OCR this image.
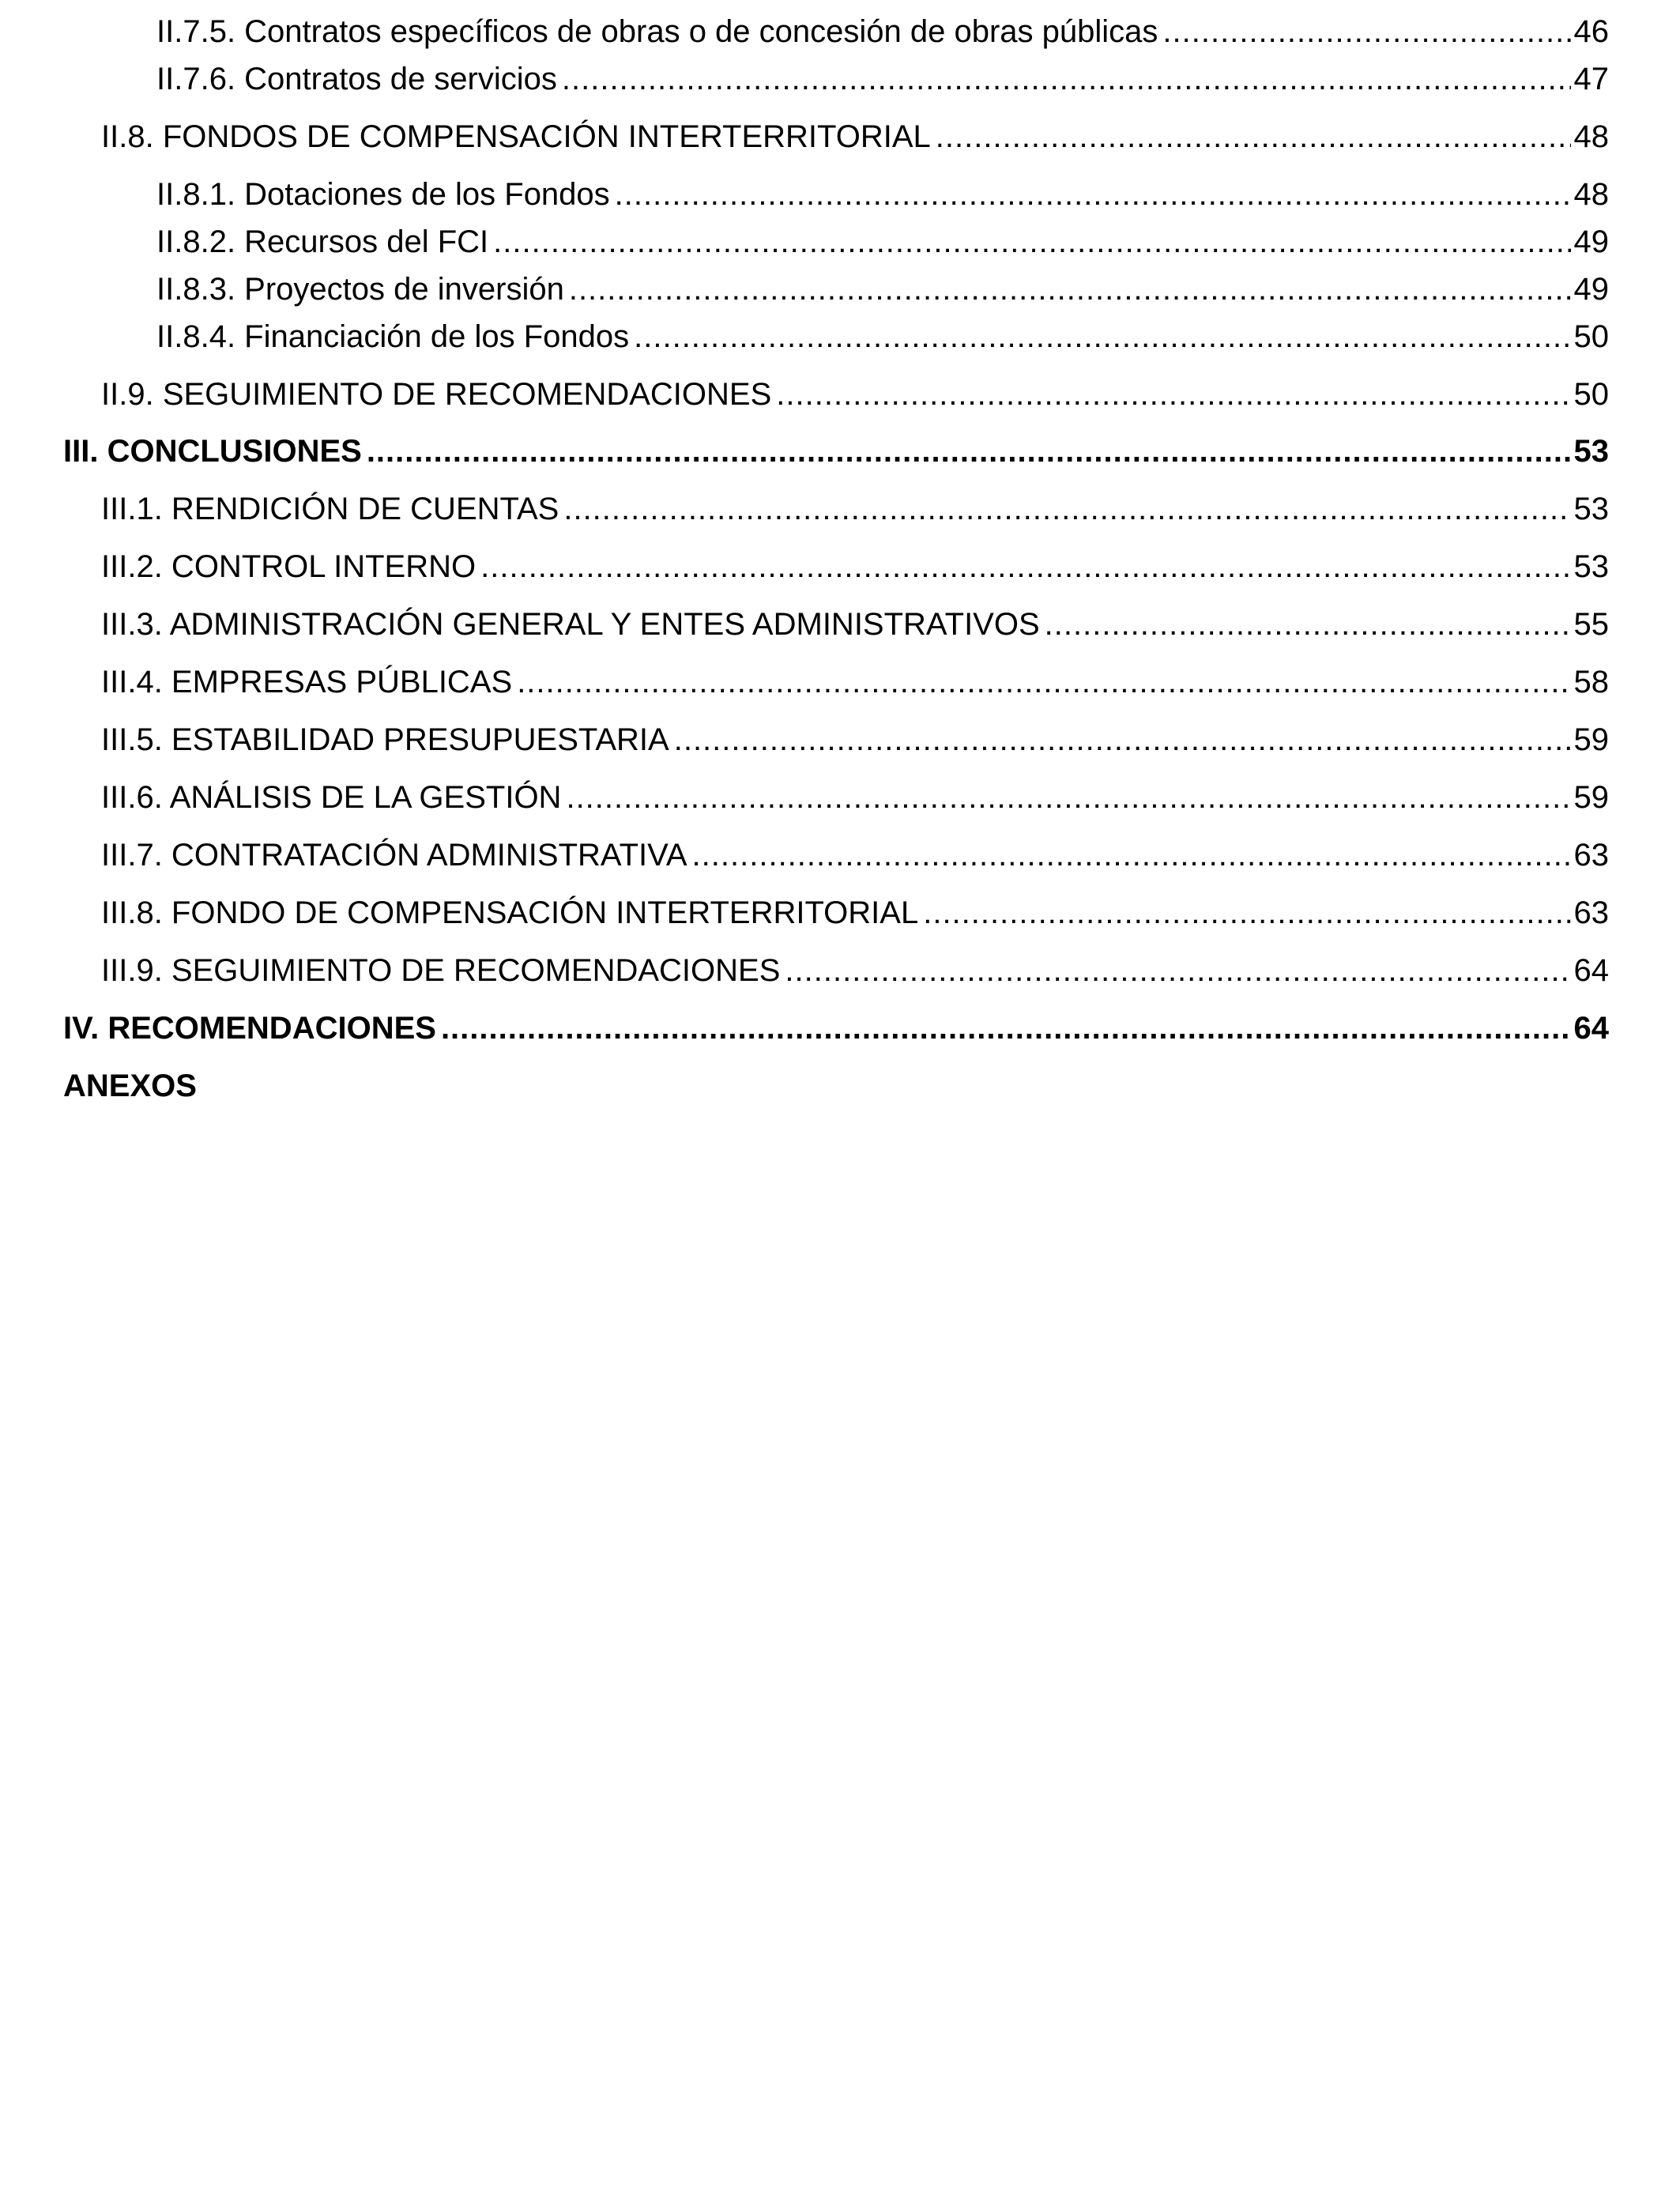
II.7.5. Contratos específicos de obras o de concesión de obras públicas .....	46
II.7.6. Contratos de servicios .....	47
II.8. FONDOS DE COMPENSACIÓN INTERTERRITORIAL .....	48
II.8.1. Dotaciones de los Fondos .....	48
II.8.2. Recursos del FCI .....	49
II.8.3. Proyectos de inversión .....	49
II.8.4. Financiación de los Fondos .....	50
II.9. SEGUIMIENTO DE RECOMENDACIONES .....	50
III. CONCLUSIONES .....	53
III.1. RENDICIÓN DE CUENTAS .....	53
III.2. CONTROL INTERNO .....	53
III.3. ADMINISTRACIÓN GENERAL Y ENTES ADMINISTRATIVOS .....	55
III.4. EMPRESAS PÚBLICAS .....	58
III.5. ESTABILIDAD PRESUPUESTARIA .....	59
III.6. ANÁLISIS DE LA GESTIÓN .....	59
III.7. CONTRATACIÓN ADMINISTRATIVA .....	63
III.8. FONDO DE COMPENSACIÓN INTERTERRITORIAL .....	63
III.9. SEGUIMIENTO DE RECOMENDACIONES .....	64
IV. RECOMENDACIONES .....	64
ANEXOS
